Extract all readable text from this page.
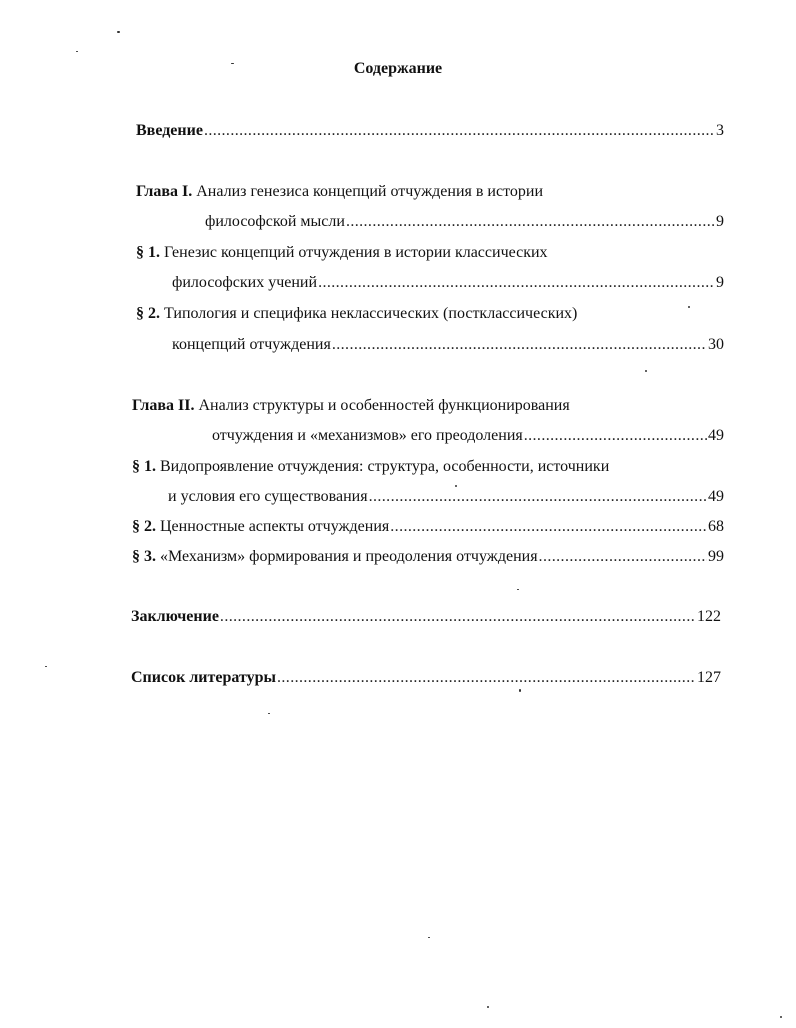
Содержание
Введение .....	3
Глава I. Анализ генезиса концепций отчуждения в истории
философской мысли .....	9
§ 1. Генезис концепций отчуждения в истории классических
философских учений .....	9
§ 2. Типология и специфика неклассических (постклассических)
концепций отчуждения .....	30
Глава II. Анализ структуры и особенностей функционирования
отчуждения и «механизмов» его преодоления .....	49
§ 1. Видопроявление отчуждения: структура, особенности, источники
и условия его существования .....	49
§ 2. Ценностные аспекты отчуждения .....	68
§ 3. «Механизм» формирования и преодоления отчуждения .....	99
Заключение .....	122
Список литературы .....	127
